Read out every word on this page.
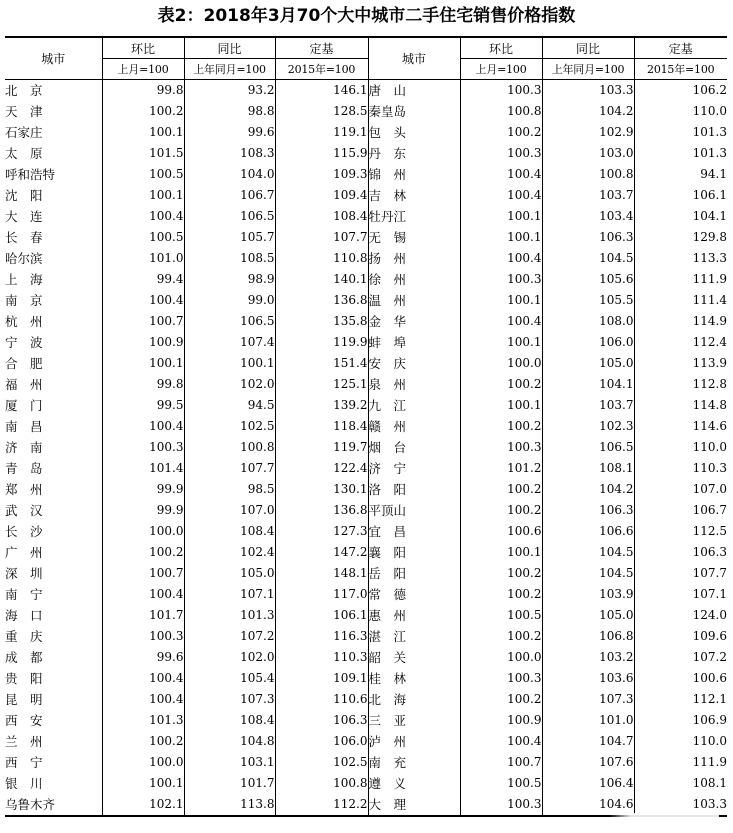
表2：2018年3月70个大中城市二手住宅销售价格指数
城市	环比	同比	定基	城市	环比	同比	定基
	上月=100	上年同月=100	2015年=100		上月=100	上年同月=100	2015年=100
北　京	99.8	93.2	146.1	唐　山	100.3	103.3	106.2
天　津	100.2	98.8	128.5	秦皇岛	100.8	104.2	110.0
石家庄	100.1	99.6	119.1	包　头	100.2	102.9	101.3
太　原	101.5	108.3	115.9	丹　东	100.3	103.0	101.3
呼和浩特	100.5	104.0	109.3	锦　州	100.4	100.8	94.1
沈　阳	100.1	106.7	109.4	吉　林	100.4	103.7	106.1
大　连	100.4	106.5	108.4	牡丹江	100.1	103.4	104.1
长　春	100.5	105.7	107.7	无　锡	100.1	106.3	129.8
哈尔滨	101.0	108.5	110.8	扬　州	100.4	104.5	113.3
上　海	99.4	98.9	140.1	徐　州	100.3	105.6	111.9
南　京	100.4	99.0	136.8	温　州	100.1	105.5	111.4
杭　州	100.7	106.5	135.8	金　华	100.4	108.0	114.9
宁　波	100.9	107.4	119.9	蚌　埠	100.1	106.0	112.4
合　肥	100.1	100.1	151.4	安　庆	100.0	105.0	113.9
福　州	99.8	102.0	125.1	泉　州	100.2	104.1	112.8
厦　门	99.5	94.5	139.2	九　江	100.1	103.7	114.8
南　昌	100.4	102.5	118.4	赣　州	100.2	102.3	114.6
济　南	100.3	100.8	119.7	烟　台	100.3	106.5	110.0
青　岛	101.4	107.7	122.4	济　宁	101.2	108.1	110.3
郑　州	99.9	98.5	130.1	洛　阳	100.2	104.2	107.0
武　汉	99.9	107.0	136.8	平顶山	100.2	106.3	106.7
长　沙	100.0	108.4	127.3	宜　昌	100.6	106.6	112.5
广　州	100.2	102.4	147.2	襄　阳	100.1	104.5	106.3
深　圳	100.7	105.0	148.1	岳　阳	100.2	104.5	107.7
南　宁	100.4	107.1	117.0	常　德	100.2	103.9	107.1
海　口	101.7	101.3	106.1	惠　州	100.5	105.0	124.0
重　庆	100.3	107.2	116.3	湛　江	100.2	106.8	109.6
成　都	99.6	102.0	110.3	韶　关	100.0	103.2	107.2
贵　阳	100.4	105.4	109.1	桂　林	100.3	103.6	100.6
昆　明	100.4	107.3	110.6	北　海	100.2	107.3	112.1
西　安	101.3	108.4	106.3	三　亚	100.9	101.0	106.9
兰　州	100.2	104.8	106.0	泸　州	100.4	104.7	110.0
西　宁	100.0	103.1	102.5	南　充	100.7	107.6	111.9
银　川	100.1	101.7	100.8	遵　义	100.5	106.4	108.1
乌鲁木齐	102.1	113.8	112.2	大　理	100.3	104.6	103.3
